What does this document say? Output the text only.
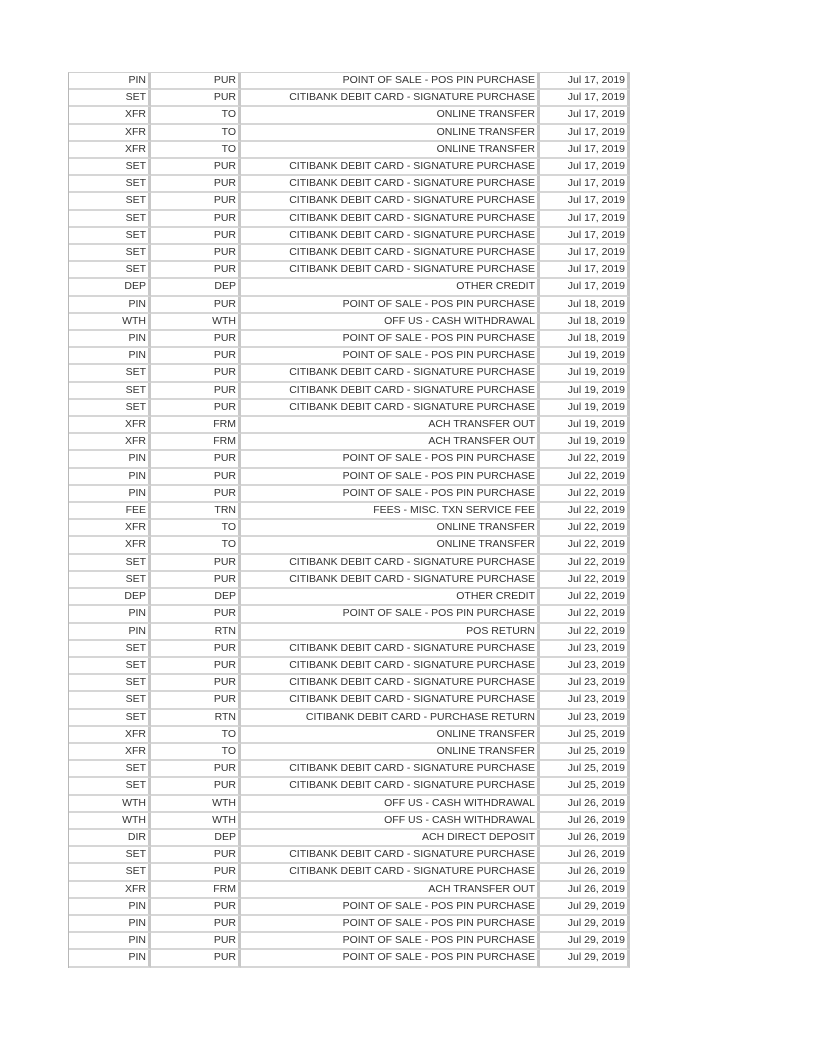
PIN	PUR	POINT OF SALE - POS PIN PURCHASE	Jul 17, 2019
SET	PUR	CITIBANK DEBIT CARD - SIGNATURE PURCHASE	Jul 17, 2019
XFR	TO	ONLINE TRANSFER	Jul 17, 2019
XFR	TO	ONLINE TRANSFER	Jul 17, 2019
XFR	TO	ONLINE TRANSFER	Jul 17, 2019
SET	PUR	CITIBANK DEBIT CARD - SIGNATURE PURCHASE	Jul 17, 2019
SET	PUR	CITIBANK DEBIT CARD - SIGNATURE PURCHASE	Jul 17, 2019
SET	PUR	CITIBANK DEBIT CARD - SIGNATURE PURCHASE	Jul 17, 2019
SET	PUR	CITIBANK DEBIT CARD - SIGNATURE PURCHASE	Jul 17, 2019
SET	PUR	CITIBANK DEBIT CARD - SIGNATURE PURCHASE	Jul 17, 2019
SET	PUR	CITIBANK DEBIT CARD - SIGNATURE PURCHASE	Jul 17, 2019
SET	PUR	CITIBANK DEBIT CARD - SIGNATURE PURCHASE	Jul 17, 2019
DEP	DEP	OTHER CREDIT	Jul 17, 2019
PIN	PUR	POINT OF SALE - POS PIN PURCHASE	Jul 18, 2019
WTH	WTH	OFF US - CASH WITHDRAWAL	Jul 18, 2019
PIN	PUR	POINT OF SALE - POS PIN PURCHASE	Jul 18, 2019
PIN	PUR	POINT OF SALE - POS PIN PURCHASE	Jul 19, 2019
SET	PUR	CITIBANK DEBIT CARD - SIGNATURE PURCHASE	Jul 19, 2019
SET	PUR	CITIBANK DEBIT CARD - SIGNATURE PURCHASE	Jul 19, 2019
SET	PUR	CITIBANK DEBIT CARD - SIGNATURE PURCHASE	Jul 19, 2019
XFR	FRM	ACH TRANSFER OUT	Jul 19, 2019
XFR	FRM	ACH TRANSFER OUT	Jul 19, 2019
PIN	PUR	POINT OF SALE - POS PIN PURCHASE	Jul 22, 2019
PIN	PUR	POINT OF SALE - POS PIN PURCHASE	Jul 22, 2019
PIN	PUR	POINT OF SALE - POS PIN PURCHASE	Jul 22, 2019
FEE	TRN	FEES - MISC. TXN SERVICE FEE	Jul 22, 2019
XFR	TO	ONLINE TRANSFER	Jul 22, 2019
XFR	TO	ONLINE TRANSFER	Jul 22, 2019
SET	PUR	CITIBANK DEBIT CARD - SIGNATURE PURCHASE	Jul 22, 2019
SET	PUR	CITIBANK DEBIT CARD - SIGNATURE PURCHASE	Jul 22, 2019
DEP	DEP	OTHER CREDIT	Jul 22, 2019
PIN	PUR	POINT OF SALE - POS PIN PURCHASE	Jul 22, 2019
PIN	RTN	POS RETURN	Jul 22, 2019
SET	PUR	CITIBANK DEBIT CARD - SIGNATURE PURCHASE	Jul 23, 2019
SET	PUR	CITIBANK DEBIT CARD - SIGNATURE PURCHASE	Jul 23, 2019
SET	PUR	CITIBANK DEBIT CARD - SIGNATURE PURCHASE	Jul 23, 2019
SET	PUR	CITIBANK DEBIT CARD - SIGNATURE PURCHASE	Jul 23, 2019
SET	RTN	CITIBANK DEBIT CARD - PURCHASE RETURN	Jul 23, 2019
XFR	TO	ONLINE TRANSFER	Jul 25, 2019
XFR	TO	ONLINE TRANSFER	Jul 25, 2019
SET	PUR	CITIBANK DEBIT CARD - SIGNATURE PURCHASE	Jul 25, 2019
SET	PUR	CITIBANK DEBIT CARD - SIGNATURE PURCHASE	Jul 25, 2019
WTH	WTH	OFF US - CASH WITHDRAWAL	Jul 26, 2019
WTH	WTH	OFF US - CASH WITHDRAWAL	Jul 26, 2019
DIR	DEP	ACH DIRECT DEPOSIT	Jul 26, 2019
SET	PUR	CITIBANK DEBIT CARD - SIGNATURE PURCHASE	Jul 26, 2019
SET	PUR	CITIBANK DEBIT CARD - SIGNATURE PURCHASE	Jul 26, 2019
XFR	FRM	ACH TRANSFER OUT	Jul 26, 2019
PIN	PUR	POINT OF SALE - POS PIN PURCHASE	Jul 29, 2019
PIN	PUR	POINT OF SALE - POS PIN PURCHASE	Jul 29, 2019
PIN	PUR	POINT OF SALE - POS PIN PURCHASE	Jul 29, 2019
PIN	PUR	POINT OF SALE - POS PIN PURCHASE	Jul 29, 2019
